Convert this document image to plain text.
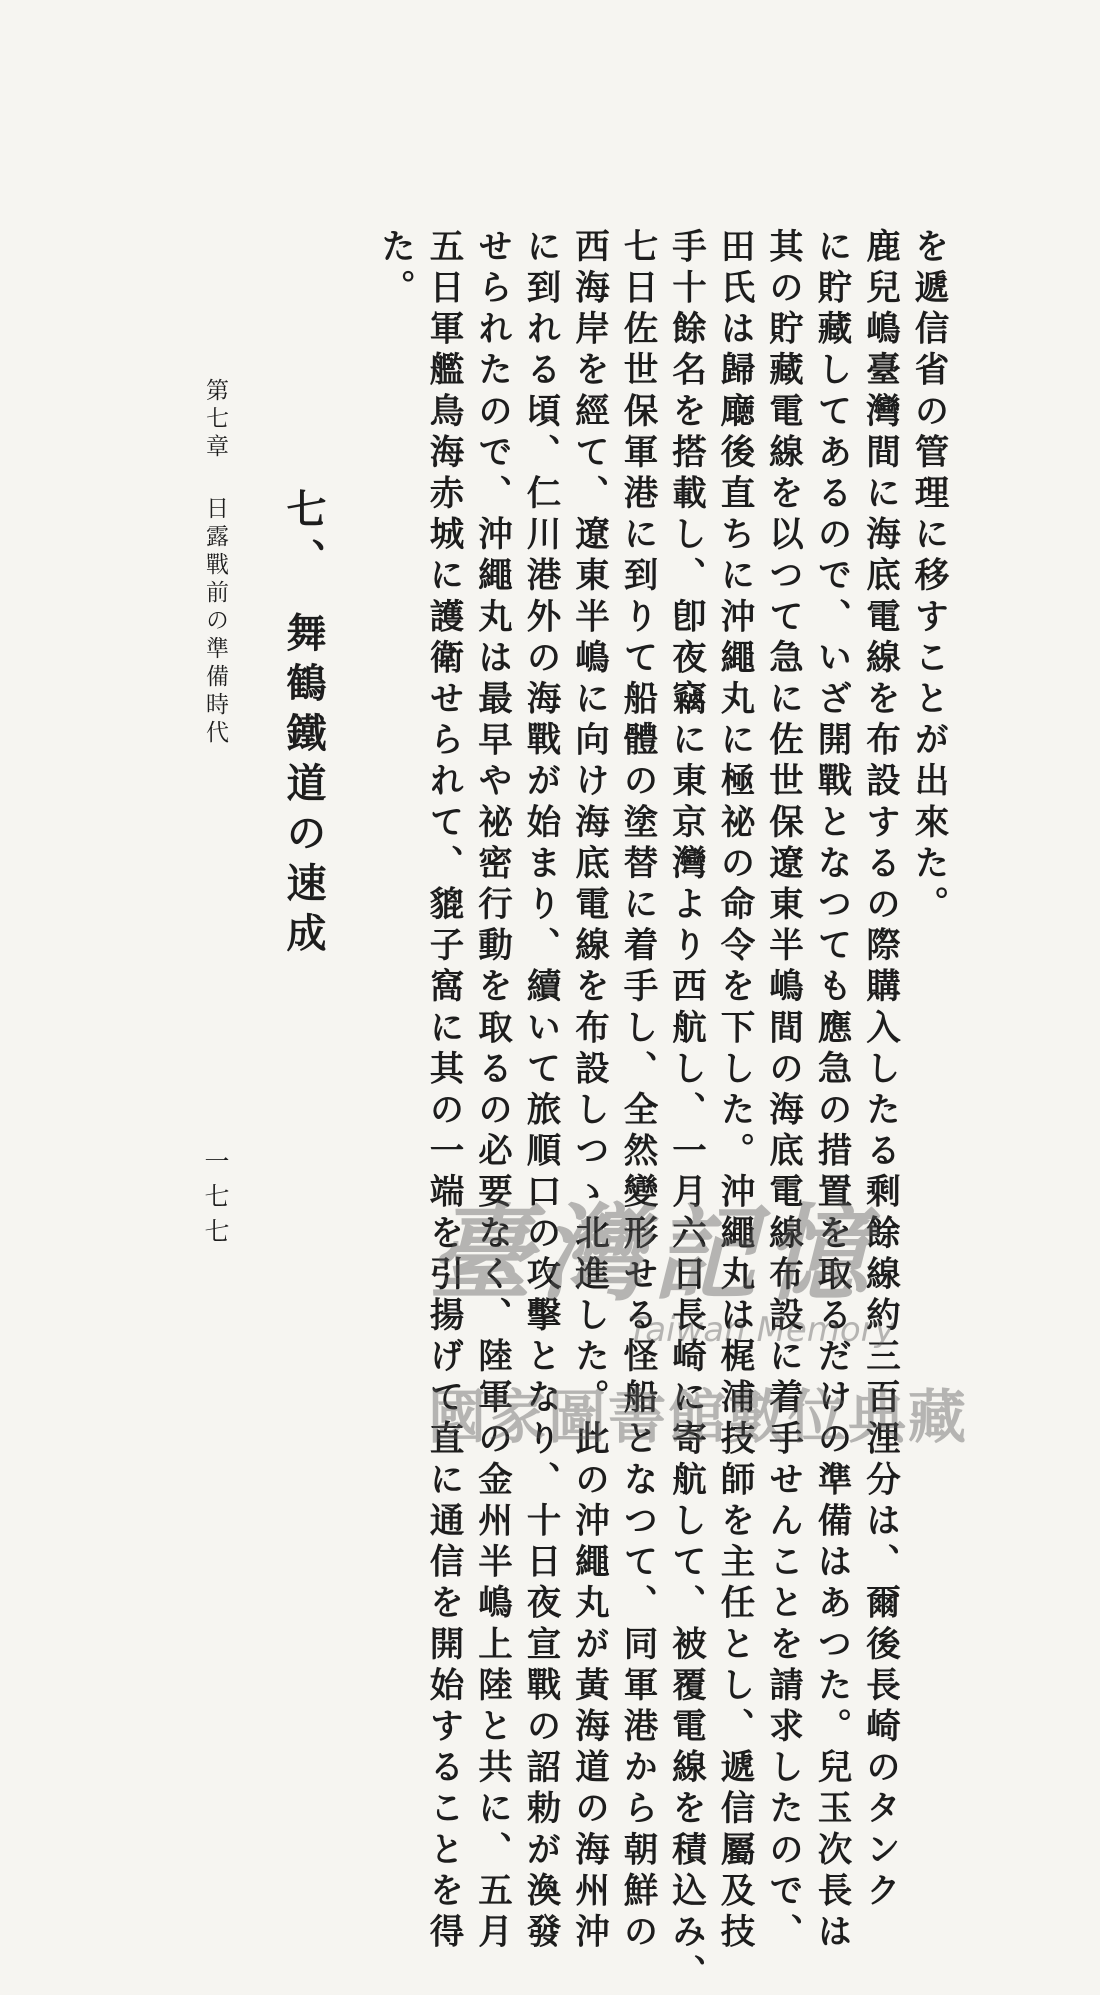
を遞信省の管理に移すことが出來た。
鹿兒嶋臺灣間に海底電線を布設するの際購入したる剩餘線約三百浬分は、爾後長崎のタンク
に貯藏してあるので、いざ開戰となつても應急の措置を取るだけの準備はあつた。兒玉次長は
其の貯藏電線を以つて急に佐世保遼東半嶋間の海底電線布設に着手せんことを請求したので、
田氏は歸廰後直ちに沖繩丸に極祕の命令を下した。沖繩丸は梶浦技師を主任とし、遞信屬及技
手十餘名を搭載し、卽夜竊に東京灣より西航し、一月六日長崎に寄航して、被覆電線を積込み、
七日佐世保軍港に到りて船體の塗替に着手し、全然變形せる怪船となつて、同軍港から朝鮮の
西海岸を經て、遼東半嶋に向け海底電線を布設しつゝ北進した。此の沖繩丸が黃海道の海州沖
に到れる頃、仁川港外の海戰が始まり、續いて旅順口の攻擊となり、十日夜宣戰の詔勅が渙發
せられたので、沖繩丸は最早や祕密行動を取るの必要なく、陸軍の金州半嶋上陸と共に、五月
五日軍艦鳥海赤城に護衛せられて、貔子窩に其の一端を引揚げて直に通信を開始することを得
た。
七、舞鶴鐵道の速成
第七章日露戰前の準備時代
一七七 臺灣記憶
Taiwan Memory
國家圖書館數位典藏
